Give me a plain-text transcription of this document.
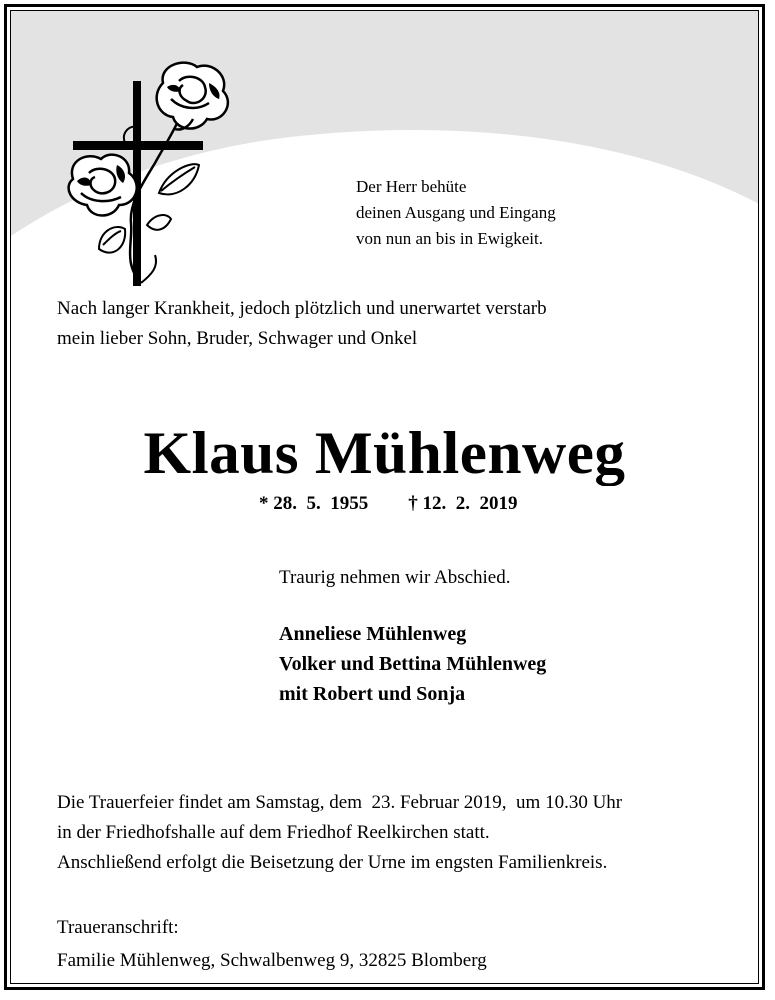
Der Herr behüte
deinen Ausgang und Eingang
von nun an bis in Ewigkeit.
Nach langer Krankheit, jedoch plötzlich und unerwartet verstarb
mein lieber Sohn, Bruder, Schwager und Onkel
Klaus Mühlenweg
* 28.  5.  1955 † 12.  2.  2019
Traurig nehmen wir Abschied.
Anneliese Mühlenweg
Volker und Bettina Mühlenweg
mit Robert und Sonja
Die Trauerfeier findet am Samstag, dem  23. Februar 2019,  um 10.30 Uhr
in der Friedhofshalle auf dem Friedhof Reelkirchen statt.
Anschließend erfolgt die Beisetzung der Urne im engsten Familienkreis.
Traueranschrift:
Familie Mühlenweg, Schwalbenweg 9, 32825 Blomberg
